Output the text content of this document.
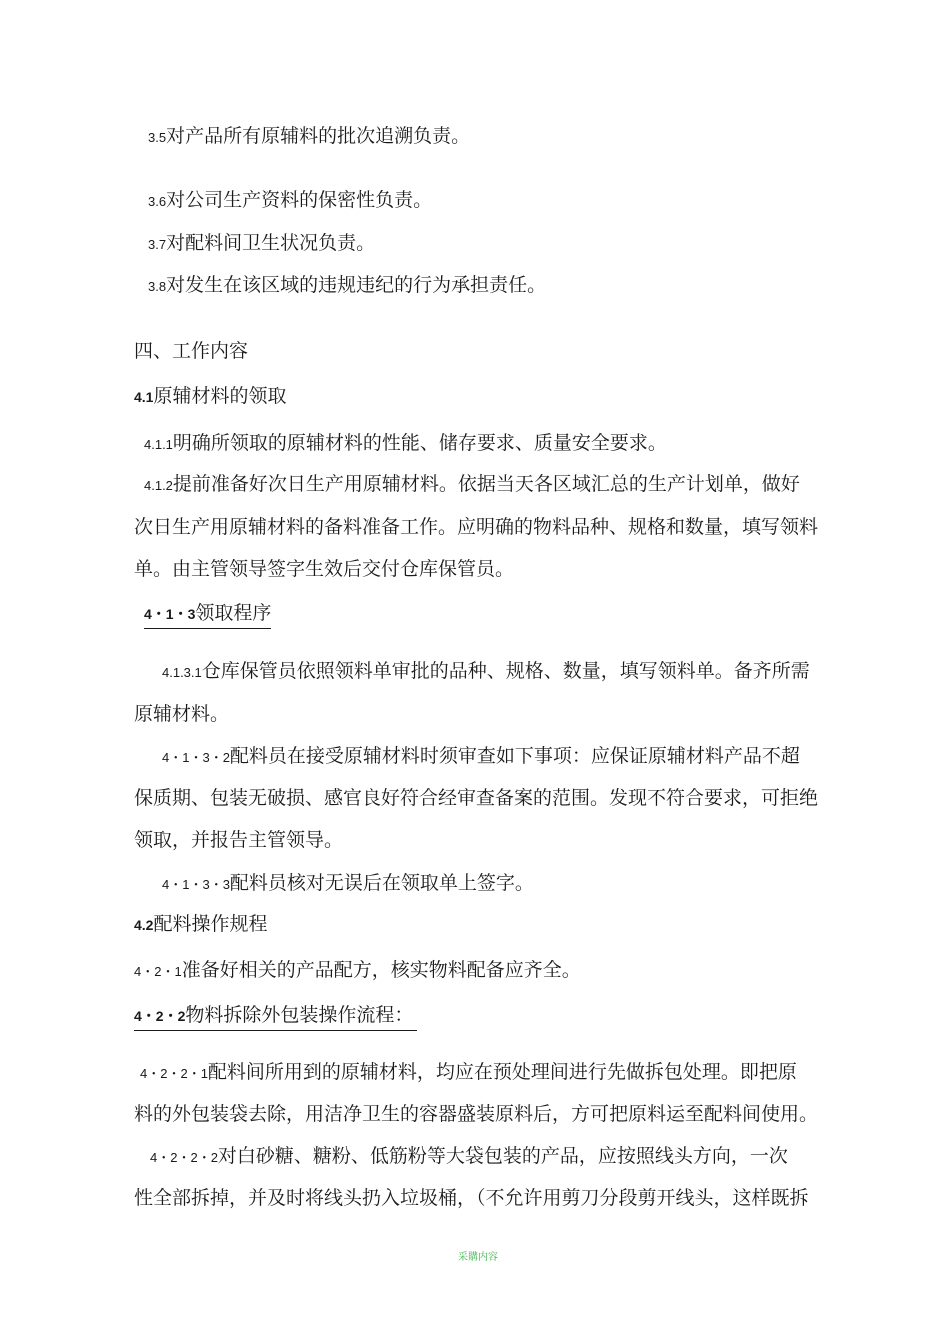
3.5对产品所有原辅料的批次追溯负责。
3.6对公司生产资料的保密性负责。
3.7对配料间卫生状况负责。
3.8对发生在该区域的违规违纪的行为承担责任。
四、工作内容
4.1原辅材料的领取
4.1.1明确所领取的原辅材料的性能、储存要求、质量安全要求。
4.1.2提前准备好次日生产用原辅材料。依据当天各区域汇总的生产计划单，做好
次日生产用原辅材料的备料准备工作。应明确的物料品种、规格和数量，填写领料
单。由主管领导签字生效后交付仓库保管员。
4・1・3领取程序
4.1.3.1仓库保管员依照领料单审批的品种、规格、数量，填写领料单。备齐所需
原辅材料。
4・1・3・2配料员在接受原辅材料时须审查如下事项：应保证原辅材料产品不超
保质期、包装无破损、感官良好符合经审查备案的范围。发现不符合要求，可拒绝
领取，并报告主管领导。
4・1・3・3配料员核对无误后在领取单上签字。
4.2配料操作规程
4・2・1准备好相关的产品配方，核实物料配备应齐全。
4・2・2物料拆除外包装操作流程：
4・2・2・1配料间所用到的原辅材料，均应在预处理间进行先做拆包处理。即把原
料的外包装袋去除，用洁净卫生的容器盛装原料后，方可把原料运至配料间使用。
4・2・2・2对白砂糖、糖粉、低筋粉等大袋包装的产品，应按照线头方向，一次
性全部拆掉，并及时将线头扔入垃圾桶，（不允许用剪刀分段剪开线头，这样既拆
采購内容
